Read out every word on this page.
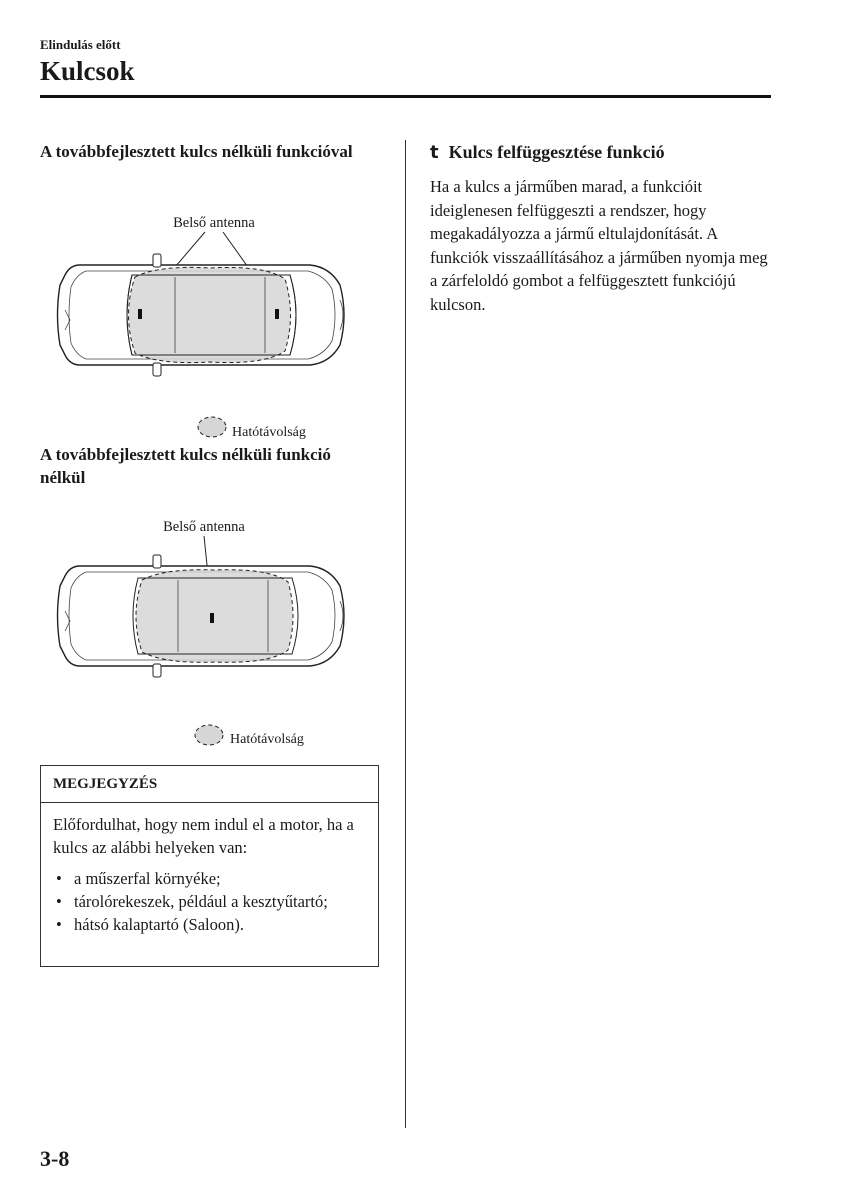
Elindulás előtt
Kulcsok
A továbbfejlesztett kulcs nélküli funkcióval
Belső antenna
Hatótávolság
A továbbfejlesztett kulcs nélküli funkció nélkül
Belső antenna
Hatótávolság
MEGJEGYZÉS
Előfordulhat, hogy nem indul el a motor, ha a kulcs az alábbi helyeken van:
• a műszerfal környéke;
• tárolórekeszek, például a kesztyűtartó;
• hátsó kalaptartó (Saloon).
t Kulcs felfüggesztése funkció
Ha a kulcs a járműben marad, a funkcióit ideiglenesen felfüggeszti a rendszer, hogy megakadályozza a jármű eltulajdonítását. A funkciók visszaállításához a járműben nyomja meg a zárfeloldó gombot a felfüggesztett funkciójú kulcson.
3-8
